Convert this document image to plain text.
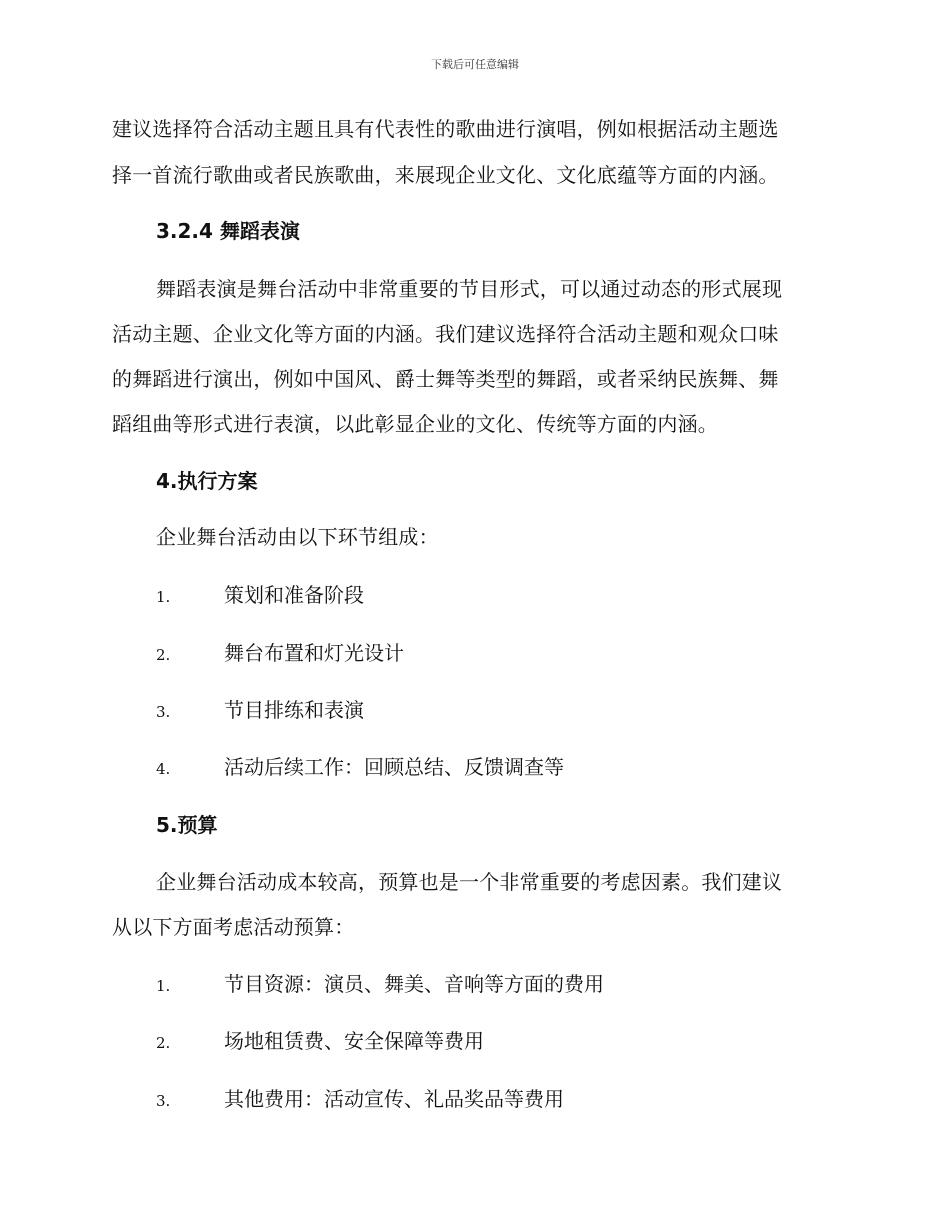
下载后可任意编辑
建议选择符合活动主题且具有代表性的歌曲进行演唱，例如根据活动主题选
择一首流行歌曲或者民族歌曲，来展现企业文化、文化底蕴等方面的内涵。
3.2.4 舞蹈表演
舞蹈表演是舞台活动中非常重要的节目形式，可以通过动态的形式展现
活动主题、企业文化等方面的内涵。我们建议选择符合活动主题和观众口味
的舞蹈进行演出，例如中国风、爵士舞等类型的舞蹈，或者采纳民族舞、舞
蹈组曲等形式进行表演，以此彰显企业的文化、传统等方面的内涵。
4.执行方案
企业舞台活动由以下环节组成：
1.	策划和准备阶段
2.	舞台布置和灯光设计
3.	节目排练和表演
4.	活动后续工作：回顾总结、反馈调查等
5.预算
企业舞台活动成本较高，预算也是一个非常重要的考虑因素。我们建议
从以下方面考虑活动预算：
1.	节目资源：演员、舞美、音响等方面的费用
2.	场地租赁费、安全保障等费用
3.	其他费用：活动宣传、礼品奖品等费用
